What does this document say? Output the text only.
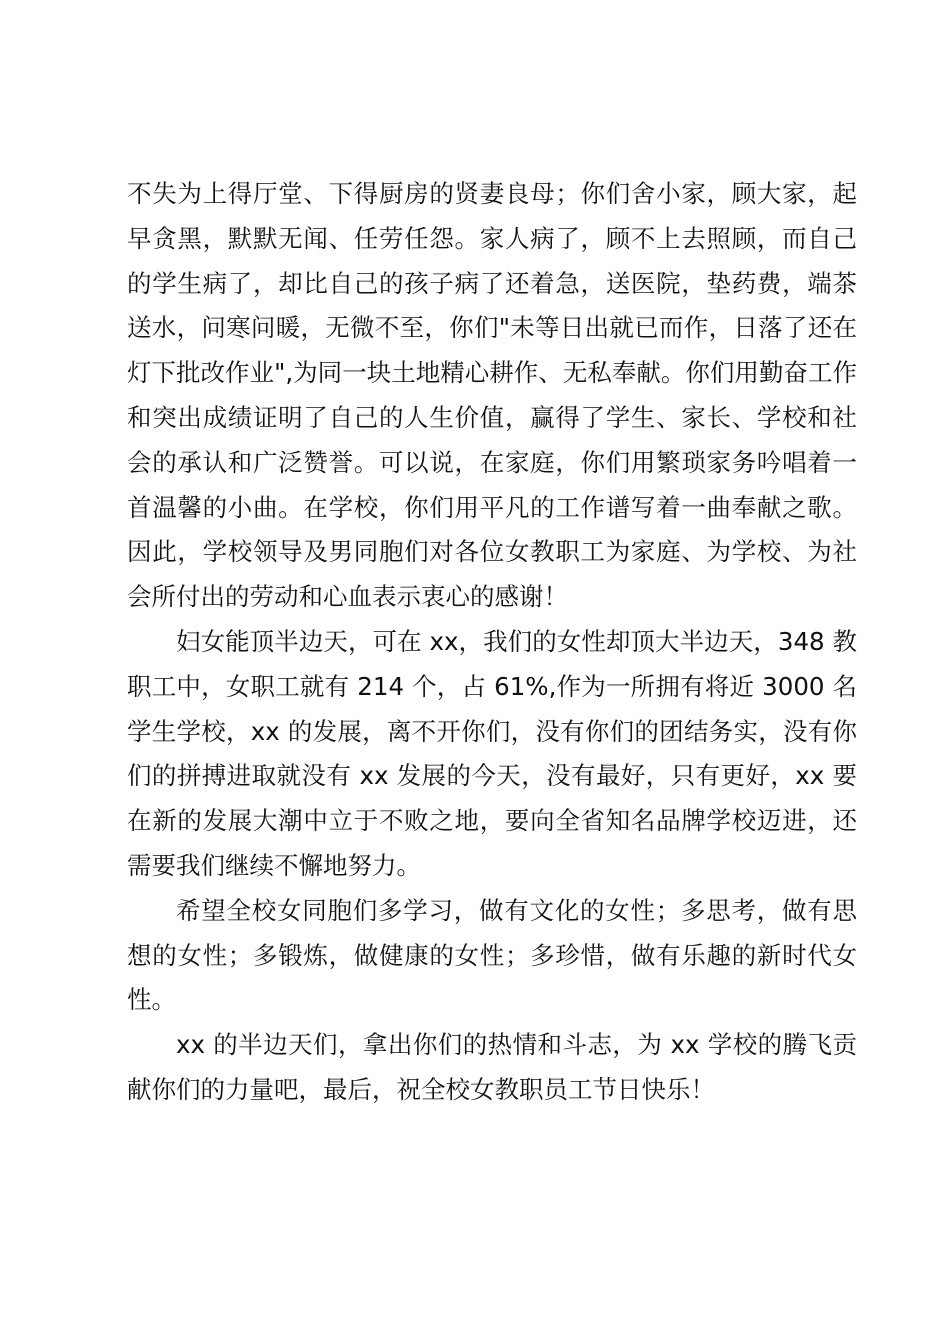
不失为上得厅堂、下得厨房的贤妻良母；你们舍小家，顾大家，起早贪黑，默默无闻、任劳任怨。家人病了，顾不上去照顾，而自己的学生病了，却比自己的孩子病了还着急，送医院，垫药费，端茶送水，问寒问暖，无微不至，你们"未等日出就已而作，日落了还在灯下批改作业",为同一块土地精心耕作、无私奉献。你们用勤奋工作和突出成绩证明了自己的人生价值，赢得了学生、家长、学校和社会的承认和广泛赞誉。可以说，在家庭，你们用繁琐家务吟唱着一首温馨的小曲。在学校，你们用平凡的工作谱写着一曲奉献之歌。因此，学校领导及男同胞们对各位女教职工为家庭、为学校、为社会所付出的劳动和心血表示衷心的感谢！

妇女能顶半边天，可在 xx，我们的女性却顶大半边天，348 教职工中，女职工就有 214 个，占 61%,作为一所拥有将近 3000 名学生学校，xx 的发展，离不开你们，没有你们的团结务实，没有你们的拼搏进取就没有 xx 发展的今天，没有最好，只有更好，xx 要在新的发展大潮中立于不败之地，要向全省知名品牌学校迈进，还需要我们继续不懈地努力。

希望全校女同胞们多学习，做有文化的女性；多思考，做有思想的女性；多锻炼，做健康的女性；多珍惜，做有乐趣的新时代女性。

xx 的半边天们，拿出你们的热情和斗志，为 xx 学校的腾飞贡献你们的力量吧，最后，祝全校女教职员工节日快乐！
